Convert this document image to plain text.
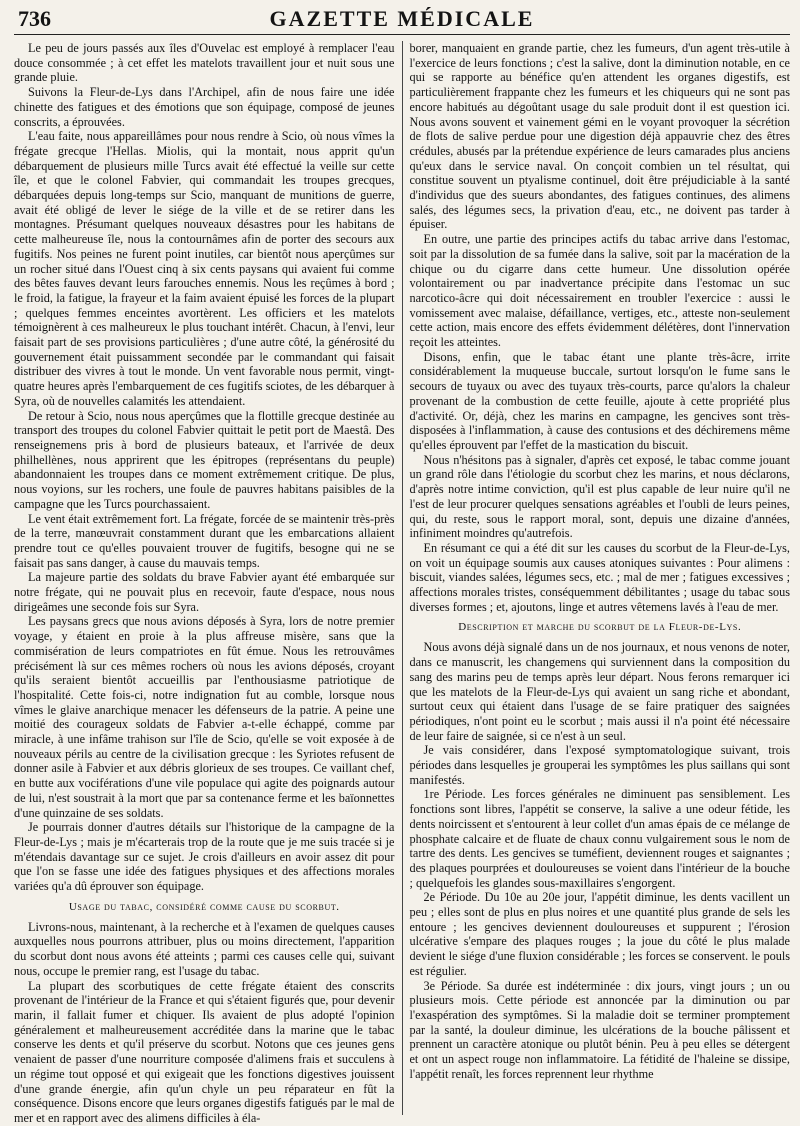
736	GAZETTE MÉDICALE

Le peu de jours passés aux îles d'Ouvelac est employé à remplacer l'eau douce consommée ; à cet effet les matelots travaillent jour et nuit sous une grande pluie.

Suivons la Fleur-de-Lys dans l'Archipel, afin de nous faire une idée chinette des fatigues et des émotions que son équipage, composé de jeunes conscrits, a éprouvées.

L'eau faite, nous appareillâmes pour nous rendre à Scio, où nous vîmes la frégate grecque l'Hellas. Miolis, qui la montait, nous apprit qu'un débarquement de plusieurs mille Turcs avait été effectué la veille sur cette île, et que le colonel Fabvier, qui commandait les troupes grecques, débarquées depuis long-temps sur Scio, manquant de munitions de guerre, avait été obligé de lever le siége de la ville et de se retirer dans les montagnes. Présumant quelques nouveaux désastres pour les habitans de cette malheureuse île, nous la contournâmes afin de porter des secours aux fugitifs. Nos peines ne furent point inutiles, car bientôt nous aperçûmes sur un rocher situé dans l'Ouest cinq à six cents paysans qui avaient fui comme des bêtes fauves devant leurs farouches ennemis. Nous les reçûmes à bord ; le froid, la fatigue, la frayeur et la faim avaient épuisé les forces de la plupart ; quelques femmes enceintes avortèrent. Les officiers et les matelots témoignèrent à ces malheureux le plus touchant intérêt. Chacun, à l'envi, leur faisait part de ses provisions particulières ; d'une autre côté, la générosité du gouvernement était puissamment secondée par le commandant qui faisait distribuer des vivres à tout le monde. Un vent favorable nous permit, vingt-quatre heures après l'embarquement de ces fugitifs sciotes, de les débarquer à Syra, où de nouvelles calamités les attendaient.

De retour à Scio, nous nous aperçûmes que la flottille grecque destinée au transport des troupes du colonel Fabvier quittait le petit port de Maestâ. Des renseignemens pris à bord de plusieurs bateaux, et l'arrivée de deux philhellènes, nous apprirent que les épitropes (représentans du peuple) abandonnaient les troupes dans ce moment extrêmement critique. De plus, nous voyions, sur les rochers, une foule de pauvres habitans paisibles de la campagne que les Turcs pourchassaient.

Le vent était extrêmement fort. La frégate, forcée de se maintenir très-près de la terre, manœuvrait constamment durant que les embarcations allaient prendre tout ce qu'elles pouvaient trouver de fugitifs, besogne qui ne se faisait pas sans danger, à cause du mauvais temps.

La majeure partie des soldats du brave Fabvier ayant été embarquée sur notre frégate, qui ne pouvait plus en recevoir, faute d'espace, nous nous dirigeâmes une seconde fois sur Syra.

Les paysans grecs que nous avions déposés à Syra, lors de notre premier voyage, y étaient en proie à la plus affreuse misère, sans que la commisération de leurs compatriotes en fût émue. Nous les retrouvâmes précisément là sur ces mêmes rochers où nous les avions déposés, croyant qu'ils seraient bientôt accueillis par l'enthousiasme patriotique de l'hospitalité. Cette fois-ci, notre indignation fut au comble, lorsque nous vîmes le glaive anarchique menacer les défenseurs de la patrie. A peine une moitié des courageux soldats de Fabvier a-t-elle échappé, comme par miracle, à une infâme trahison sur l'île de Scio, qu'elle se voit exposée à de nouveaux périls au centre de la civilisation grecque : les Syriotes refusent de donner asile à Fabvier et aux débris glorieux de ses troupes. Ce vaillant chef, en butte aux vociférations d'une vile populace qui agite des poignards autour de lui, n'est soustrait à la mort que par sa contenance ferme et les baïonnettes d'une quinzaine de ses soldats.

Je pourrais donner d'autres détails sur l'historique de la campagne de la Fleur-de-Lys ; mais je m'écarterais trop de la route que je me suis tracée si je m'étendais davantage sur ce sujet. Je crois d'ailleurs en avoir assez dit pour que l'on se fasse une idée des fatigues physiques et des affections morales variées qu'a dû éprouver son équipage.

Usage du tabac, considéré comme cause du scorbut.

Livrons-nous, maintenant, à la recherche et à l'examen de quelques causes auxquelles nous pourrons attribuer, plus ou moins directement, l'apparition du scorbut dont nous avons été atteints ; parmi ces causes celle qui, suivant nous, occupe le premier rang, est l'usage du tabac.

La plupart des scorbutiques de cette frégate étaient des conscrits provenant de l'intérieur de la France et qui s'étaient figurés que, pour devenir marin, il fallait fumer et chiquer. Ils avaient de plus adopté l'opinion généralement et malheureusement accréditée dans la marine que le tabac conserve les dents et qu'il préserve du scorbut. Notons que ces jeunes gens venaient de passer d'une nourriture composée d'alimens frais et succulens à un régime tout opposé et qui exigeait que les fonctions digestives jouissent d'une grande énergie, afin qu'un chyle un peu réparateur en fût la conséquence. Disons encore que leurs organes digestifs fatigués par le mal de mer et en rapport avec des alimens difficiles à éla-

borer, manquaient en grande partie, chez les fumeurs, d'un agent très-utile à l'exercice de leurs fonctions ; c'est la salive, dont la diminution notable, en ce qui se rapporte au bénéfice qu'en attendent les organes digestifs, est particulièrement frappante chez les fumeurs et les chiqueurs qui ne sont pas encore habitués au dégoûtant usage du sale produit dont il est question ici. Nous avons souvent et vainement gémi en le voyant provoquer la sécrétion de flots de salive perdue pour une digestion déjà appauvrie chez des êtres crédules, abusés par la prétendue expérience de leurs camarades plus anciens qu'eux dans le service naval. On conçoit combien un tel résultat, qui constitue souvent un ptyalisme continuel, doit être préjudiciable à la santé d'individus que des sueurs abondantes, des fatigues continues, des alimens salés, des légumes secs, la privation d'eau, etc., ne doivent pas tarder à épuiser.

En outre, une partie des principes actifs du tabac arrive dans l'estomac, soit par la dissolution de sa fumée dans la salive, soit par la macération de la chique ou du cigarre dans cette humeur. Une dissolution opérée volontairement ou par inadvertance précipite dans l'estomac un suc narcotico-âcre qui doit nécessairement en troubler l'exercice : aussi le vomissement avec malaise, défaillance, vertiges, etc., atteste non-seulement cette action, mais encore des effets évidemment délétères, dont l'innervation reçoit les atteintes.

Disons, enfin, que le tabac étant une plante très-âcre, irrite considérablement la muqueuse buccale, surtout lorsqu'on le fume sans le secours de tuyaux ou avec des tuyaux très-courts, parce qu'alors la chaleur provenant de la combustion de cette feuille, ajoute à cette propriété plus d'activité. Or, déjà, chez les marins en campagne, les gencives sont très-disposées à l'inflammation, à cause des contusions et des déchiremens même qu'elles éprouvent par l'effet de la mastication du biscuit.

Nous n'hésitons pas à signaler, d'après cet exposé, le tabac comme jouant un grand rôle dans l'étiologie du scorbut chez les marins, et nous déclarons, d'après notre intime conviction, qu'il est plus capable de leur nuire qu'il ne l'est de leur procurer quelques sensations agréables et l'oubli de leurs peines, qui, du reste, sous le rapport moral, sont, depuis une dizaine d'années, infiniment moindres qu'autrefois.

En résumant ce qui a été dit sur les causes du scorbut de la Fleur-de-Lys, on voit un équipage soumis aux causes atoniques suivantes : Pour alimens : biscuit, viandes salées, légumes secs, etc. ; mal de mer ; fatigues excessives ; affections morales tristes, conséquemment débilitantes ; usage du tabac sous diverses formes ; et, ajoutons, linge et autres vêtemens lavés à l'eau de mer.

Description et marche du scorbut de la Fleur-de-Lys.

Nous avons déjà signalé dans un de nos journaux, et nous venons de noter, dans ce manuscrit, les changemens qui surviennent dans la composition du sang des marins peu de temps après leur départ. Nous ferons remarquer ici que les matelots de la Fleur-de-Lys qui avaient un sang riche et abondant, surtout ceux qui étaient dans l'usage de se faire pratiquer des saignées périodiques, n'ont point eu le scorbut ; mais aussi il n'a point été nécessaire de leur faire de saignée, si ce n'est à un seul.

Je vais considérer, dans l'exposé symptomatologique suivant, trois périodes dans lesquelles je grouperai les symptômes les plus saillans qui sont manifestés.

1re Période. Les forces générales ne diminuent pas sensiblement. Les fonctions sont libres, l'appétit se conserve, la salive a une odeur fétide, les dents noircissent et s'entourent à leur collet d'un amas épais de ce mélange de phosphate calcaire et de fluate de chaux connu vulgairement sous le nom de tartre des dents. Les gencives se tuméfient, deviennent rouges et saignantes ; des plaques pourprées et douloureuses se voient dans l'intérieur de la bouche ; quelquefois les glandes sous-maxillaires s'engorgent.

2e Période. Du 10e au 20e jour, l'appétit diminue, les dents vacillent un peu ; elles sont de plus en plus noires et une quantité plus grande de sels les entoure ; les gencives deviennent douloureuses et suppurent ; l'érosion ulcérative s'empare des plaques rouges ; la joue du côté le plus malade devient le siége d'une fluxion considérable ; les forces se conservent. le pouls est régulier.

3e Période. Sa durée est indéterminée : dix jours, vingt jours ; un ou plusieurs mois. Cette période est annoncée par la diminution ou par l'exaspération des symptômes. Si la maladie doit se terminer promptement par la santé, la douleur diminue, les ulcérations de la bouche pâlissent et prennent un caractère atonique ou plutôt bénin. Peu à peu elles se détergent et ont un aspect rouge non inflammatoire. La fétidité de l'haleine se dissipe, l'appétit renaît, les forces reprennent leur rhythme
